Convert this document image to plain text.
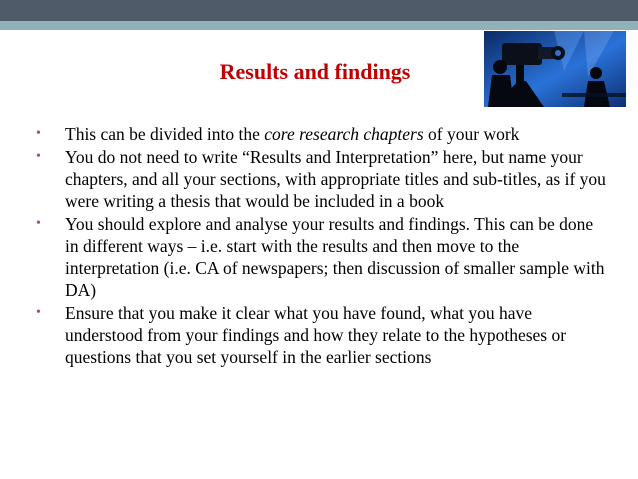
Results and findings
• This can be divided into the core research chapters of your work
• You do not need to write “Results and Interpretation” here, but name your chapters, and all your sections, with appropriate titles and sub-titles, as if you were writing a thesis that would be included in a book
• You should explore and analyse your results and findings. This can be done in different ways – i.e. start with the results and then move to the interpretation (i.e. CA of newspapers; then discussion of smaller sample with DA)
• Ensure that you make it clear what you have found, what you have understood from your findings and how they relate to the hypotheses or questions that you set yourself in the earlier sections
